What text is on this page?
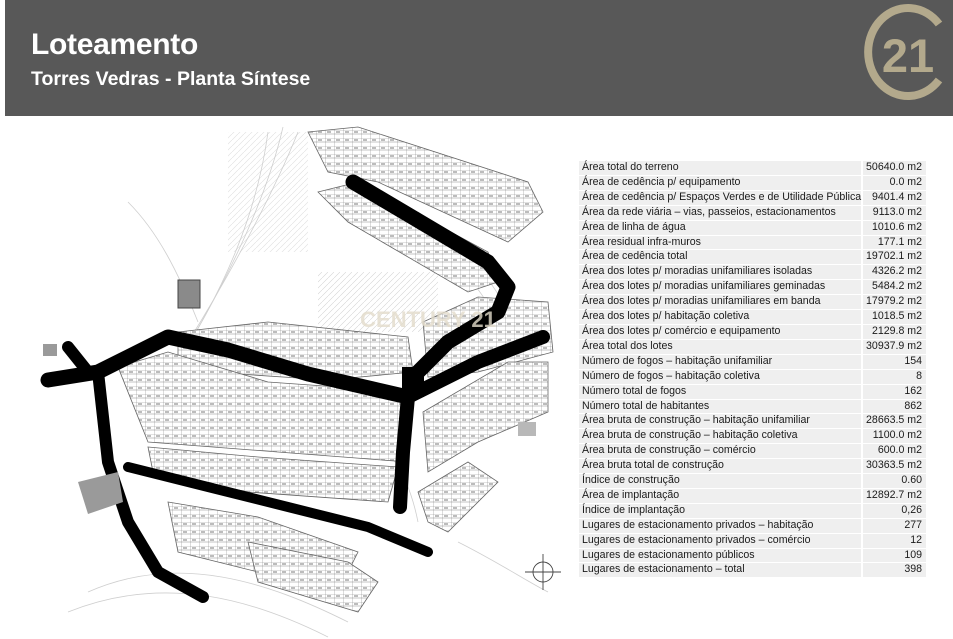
Loteamento
Torres Vedras - Planta Síntese	21
CENTURY 21
Área total do terreno	50640.0 m2
Área de cedência p/ equipamento	0.0 m2
Área de cedência p/ Espaços Verdes e de Utilidade Pública	9401.4 m2
Área da rede viária – vias, passeios, estacionamentos	9113.0 m2
Área de linha de água	1010.6 m2
Área residual infra-muros	177.1 m2
Área de cedência total	19702.1 m2
Área dos lotes p/ moradias unifamiliares isoladas	4326.2 m2
Área dos lotes p/ moradias unifamiliares geminadas	5484.2 m2
Área dos lotes p/ moradias unifamiliares em banda	17979.2 m2
Área dos lotes p/ habitação coletiva	1018.5 m2
Área dos lotes p/ comércio e equipamento	2129.8 m2
Área total dos lotes	30937.9 m2
Número de fogos – habitação unifamiliar	154
Número de fogos – habitação coletiva	8
Número total de fogos	162
Número total de habitantes	862
Área bruta de construção – habitação unifamiliar	28663.5 m2
Área bruta de construção – habitação coletiva	1100.0 m2
Área bruta de construção – comércio	600.0 m2
Área bruta total de construção	30363.5 m2
Índice de construção	0.60
Área de implantação	12892.7 m2
Índice de implantação	0,26
Lugares de estacionamento privados – habitação	277
Lugares de estacionamento privados – comércio	12
Lugares de estacionamento públicos	109
Lugares de estacionamento – total	398
